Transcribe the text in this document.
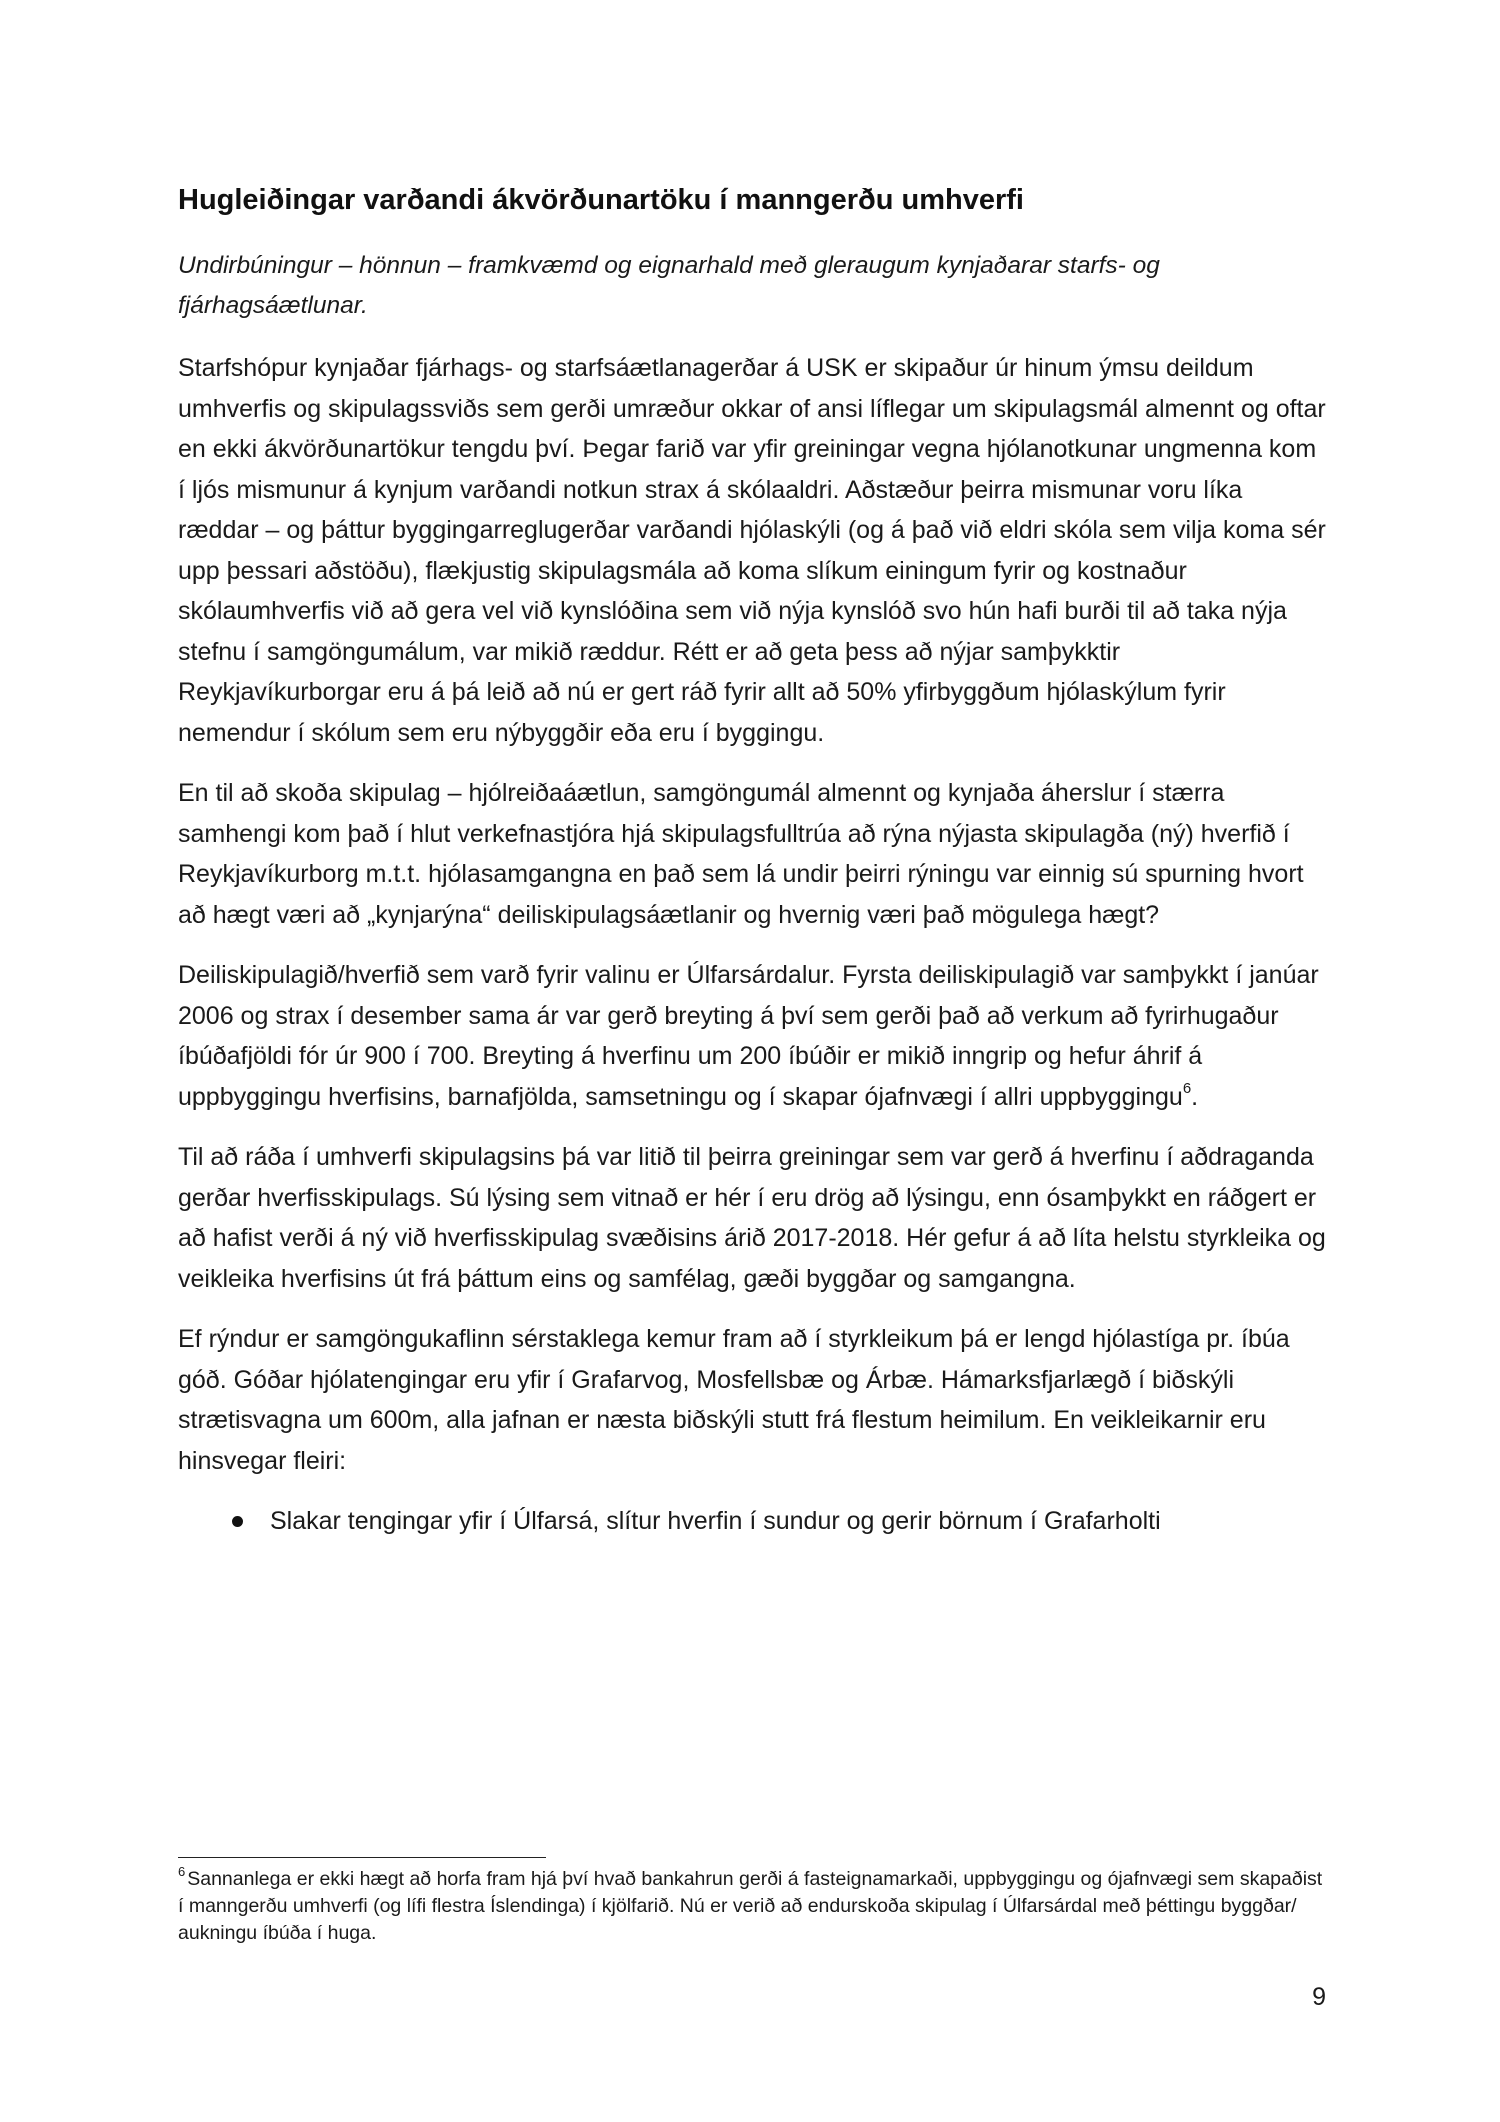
Hugleiðingar varðandi ákvörðunartöku í manngerðu umhverfi

Undirbúningur – hönnun – framkvæmd og eignarhald með gleraugum kynjaðarar starfs- og fjárhagsáætlunar.

Starfshópur kynjaðar fjárhags- og starfsáætlanagerðar á USK er skipaður úr hinum ýmsu deildum umhverfis og skipulagssviðs sem gerði umræður okkar of ansi líflegar um skipulagsmál almennt og oftar en ekki ákvörðunartökur tengdu því. Þegar farið var yfir greiningar vegna hjólanotkunar ungmenna kom í ljós mismunur á kynjum varðandi notkun strax á skólaaldri. Aðstæður þeirra mismunar voru líka ræddar – og þáttur byggingarreglugerðar varðandi hjólaskýli (og á það við eldri skóla sem vilja koma sér upp þessari aðstöðu), flækjustig skipulagsmála að koma slíkum einingum fyrir og kostnaður skólaumhverfis við að gera vel við kynslóðina sem við nýja kynslóð svo hún hafi burði til að taka nýja stefnu í samgöngumálum, var mikið ræddur. Rétt er að geta þess að nýjar samþykktir Reykjavíkurborgar eru á þá leið að nú er gert ráð fyrir allt að 50% yfirbyggðum hjólaskýlum fyrir nemendur í skólum sem eru nýbyggðir eða eru í byggingu.

En til að skoða skipulag – hjólreiðaáætlun, samgöngumál almennt og kynjaða áherslur í stærra samhengi kom það í hlut verkefnastjóra hjá skipulagsfulltrúa að rýna nýjasta skipulagða (ný) hverfið í Reykjavíkurborg m.t.t. hjólasamgangna en það sem lá undir þeirri rýningu var einnig sú spurning hvort að hægt væri að „kynjarýna“ deiliskipulagsáætlanir og hvernig væri það mögulega hægt?

Deiliskipulagið/hverfið sem varð fyrir valinu er Úlfarsárdalur. Fyrsta deiliskipulagið var samþykkt í janúar 2006 og strax í desember sama ár var gerð breyting á því sem gerði það að verkum að fyrirhugaður íbúðafjöldi fór úr 900 í 700. Breyting á hverfinu um 200 íbúðir er mikið inngrip og hefur áhrif á uppbyggingu hverfisins, barnafjölda, samsetningu og í skapar ójafnvægi í allri uppbyggingu$^6$.

Til að ráða í umhverfi skipulagsins þá var litið til þeirra greiningar sem var gerð á hverfinu í aðdraganda gerðar hverfisskipulags. Sú lýsing sem vitnað er hér í eru drög að lýsingu, enn ósamþykkt en ráðgert er að hafist verði á ný við hverfisskipulag svæðisins árið 2017-2018. Hér gefur á að líta helstu styrkleika og veikleika hverfisins út frá þáttum eins og samfélag, gæði byggðar og samgangna.

Ef rýndur er samgöngukaflinn sérstaklega kemur fram að í styrkleikum þá er lengd hjólastíga pr. íbúa góð. Góðar hjólatengingar eru yfir í Grafarvog, Mosfellsbæ og Árbæ. Hámarksfjarlægð í biðskýli strætisvagna um 600m, alla jafnan er næsta biðskýli stutt frá flestum heimilum. En veikleikarnir eru hinsvegar fleiri:

Slakar tengingar yfir í Úlfarsá, slítur hverfin í sundur og gerir börnum í Grafarholti
$^6$ Sannanlega er ekki hægt að horfa fram hjá því hvað bankahrun gerði á fasteignamarkaði, uppbyggingu og ójafnvægi sem skapaðist í manngerðu umhverfi (og lífi flestra Íslendinga) í kjölfarið. Nú er verið að endurskoða skipulag í Úlfarsárdal með þéttingu byggðar/ aukningu íbúða í huga.
9
